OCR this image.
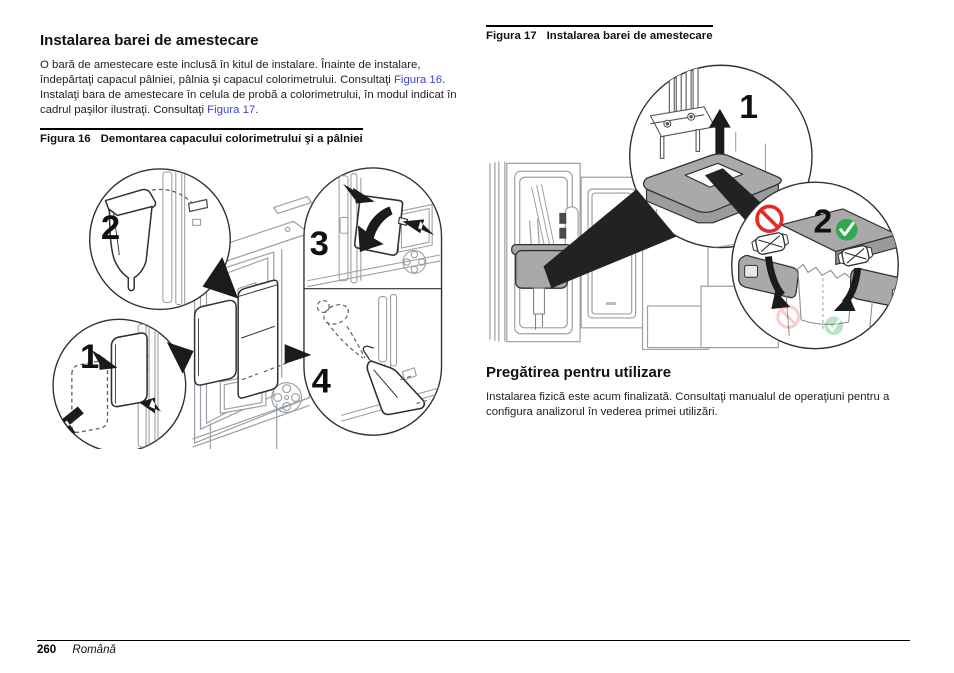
Instalarea barei de amestecare

O bară de amestecare este inclusă în kitul de instalare. Înainte de instalare, îndepărtaţi capacul pâlniei, pâlnia şi capacul colorimetrului. Consultaţi Figura 16. Instalaţi bara de amestecare în celula de probă a colorimetrului, în modul indicat în cadrul paşilor ilustraţi. Consultaţi Figura 17.

Figura 16 Demontarea capacului colorimetrului şi a pâlniei
3
4
2
1
Figura 17 Instalarea barei de amestecare
1
2
Pregătirea pentru utilizare

Instalarea fizică este acum finalizată. Consultaţi manualul de operaţiuni pentru a configura analizorul în vederea primei utilizări.

260 Română
